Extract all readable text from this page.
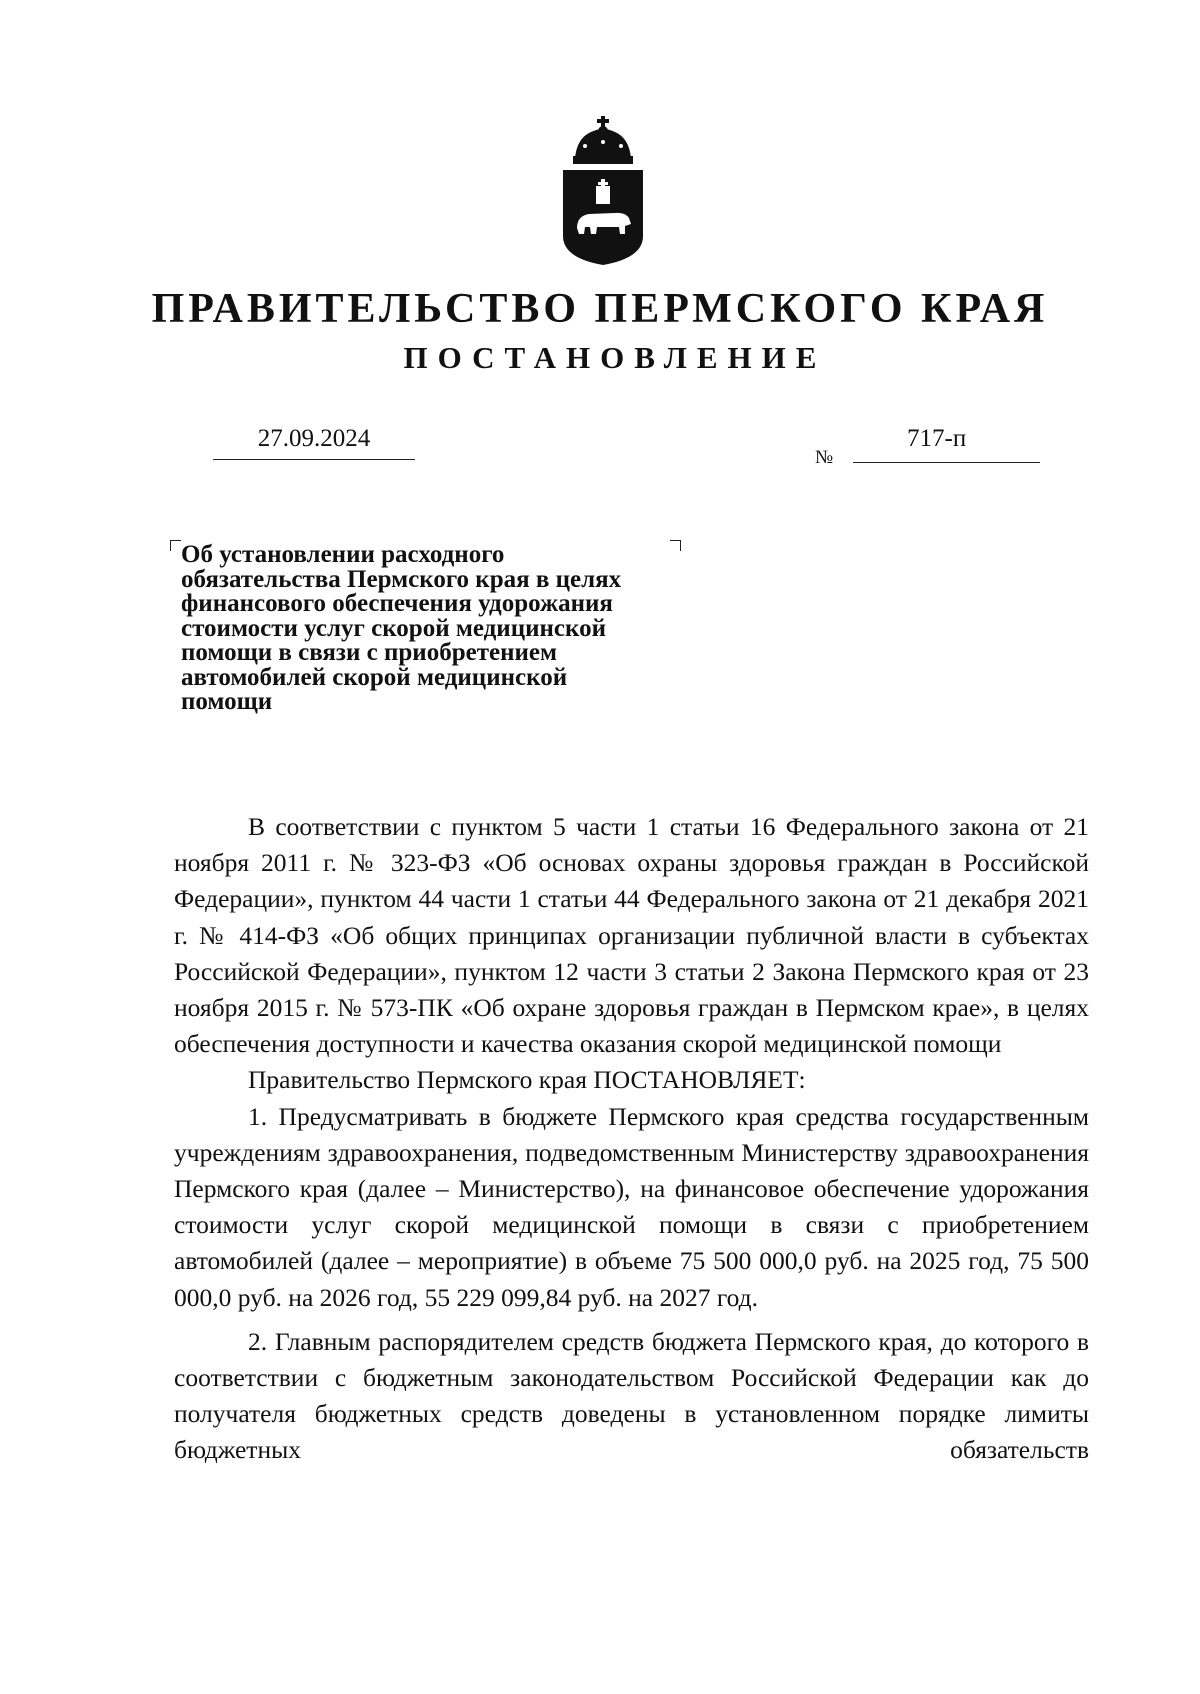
ПРАВИТЕЛЬСТВО ПЕРМСКОГО КРАЯ
ПОСТАНОВЛЕНИЕ
27.09.2024	717-п
№
Об установлении расходного
обязательства Пермского края в целях
финансового обеспечения удорожания
стоимости услуг скорой медицинской
помощи в связи с приобретением
автомобилей скорой медицинской
помощи

В соответствии с пунктом 5 части 1 статьи 16 Федерального закона от 21 ноября 2011 г. № 323-ФЗ «Об основах охраны здоровья граждан в Российской Федерации», пунктом 44 части 1 статьи 44 Федерального закона от 21 декабря 2021 г. № 414-ФЗ «Об общих принципах организации публичной власти в субъектах Российской Федерации», пунктом 12 части 3 статьи 2 Закона Пермского края от 23 ноября 2015 г. № 573-ПК «Об охране здоровья граждан в Пермском крае», в целях обеспечения доступности и качества оказания скорой медицинской помощи

Правительство Пермского края ПОСТАНОВЛЯЕТ:

1. Предусматривать в бюджете Пермского края средства государственным учреждениям здравоохранения, подведомственным Министерству здравоохранения Пермского края (далее – Министерство), на финансовое обеспечение удорожания стоимости услуг скорой медицинской помощи в связи с приобретением автомобилей (далее – мероприятие) в объеме 75 500 000,0 руб. на 2025 год, 75 500 000,0 руб. на 2026 год, 55 229 099,84 руб. на 2027 год.

2. Главным распорядителем средств бюджета Пермского края, до которого в соответствии с бюджетным законодательством Российской Федерации как до получателя бюджетных средств доведены в установленном порядке лимиты бюджетных обязательств
